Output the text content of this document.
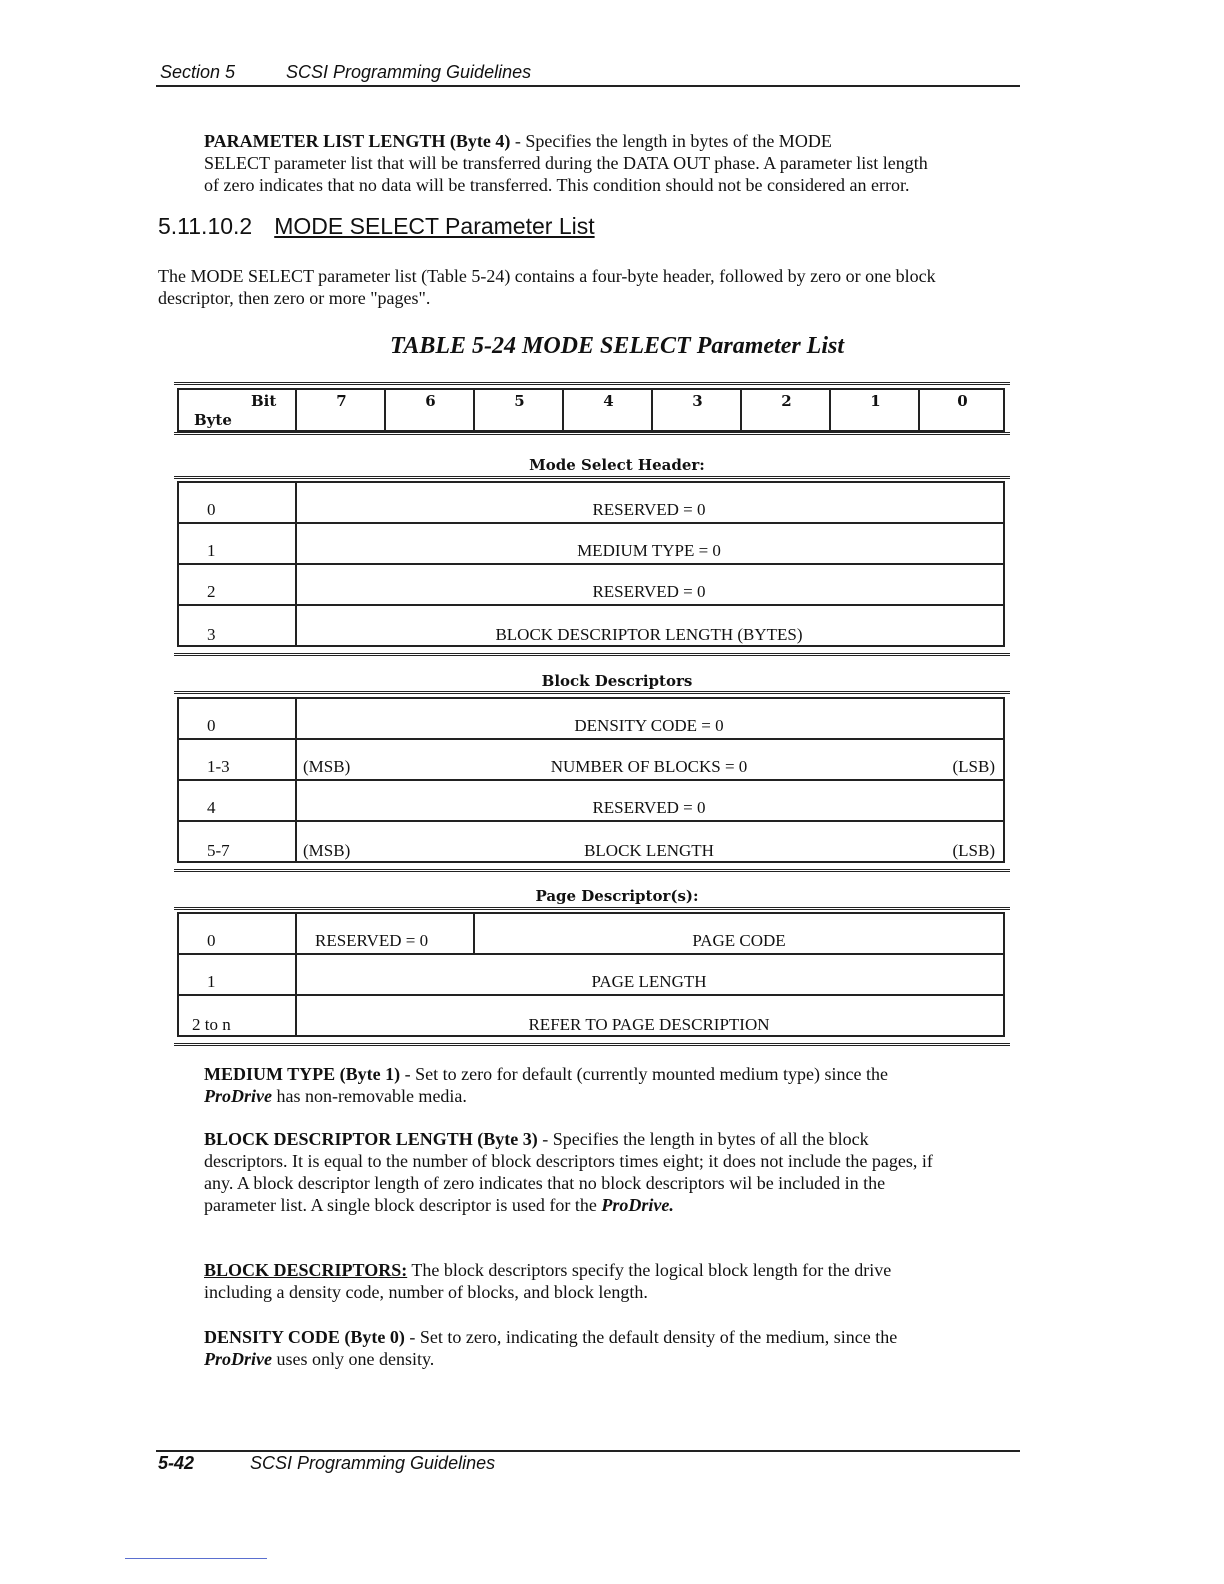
Section 5	SCSI Programming Guidelines
PARAMETER LIST LENGTH (Byte 4) - Specifies the length in bytes of the MODE
SELECT parameter list that will be transferred during the DATA OUT phase. A parameter list length
of zero indicates that no data will be transferred. This condition should not be considered an error.
5.11.10.2 MODE SELECT Parameter List
The MODE SELECT parameter list (Table 5-24) contains a four-byte header, followed by zero or one block
descriptor, then zero or more "pages".
TABLE 5-24 MODE SELECT Parameter List
Bit
Byte
7	6	5	4	3	2	1	0
Mode Select Header:
0	RESERVED = 0
1	MEDIUM TYPE = 0
2	RESERVED = 0
3	BLOCK DESCRIPTOR LENGTH (BYTES)
Block Descriptors
0	DENSITY CODE = 0
1-3	(MSB)	NUMBER OF BLOCKS = 0	(LSB)
4	RESERVED = 0
5-7	(MSB)	BLOCK LENGTH	(LSB)
Page Descriptor(s):
0	RESERVED = 0	PAGE CODE
1	PAGE LENGTH
2 to n	REFER TO PAGE DESCRIPTION
MEDIUM TYPE (Byte 1) - Set to zero for default (currently mounted medium type) since the
ProDrive has non-removable media.
BLOCK DESCRIPTOR LENGTH (Byte 3) - Specifies the length in bytes of all the block
descriptors. It is equal to the number of block descriptors times eight; it does not include the pages, if
any. A block descriptor length of zero indicates that no block descriptors wil be included in the
parameter list. A single block descriptor is used for the ProDrive.
BLOCK DESCRIPTORS: The block descriptors specify the logical block length for the drive
including a density code, number of blocks, and block length.
DENSITY CODE (Byte 0) - Set to zero, indicating the default density of the medium, since the
ProDrive uses only one density.
5-42	SCSI Programming Guidelines
